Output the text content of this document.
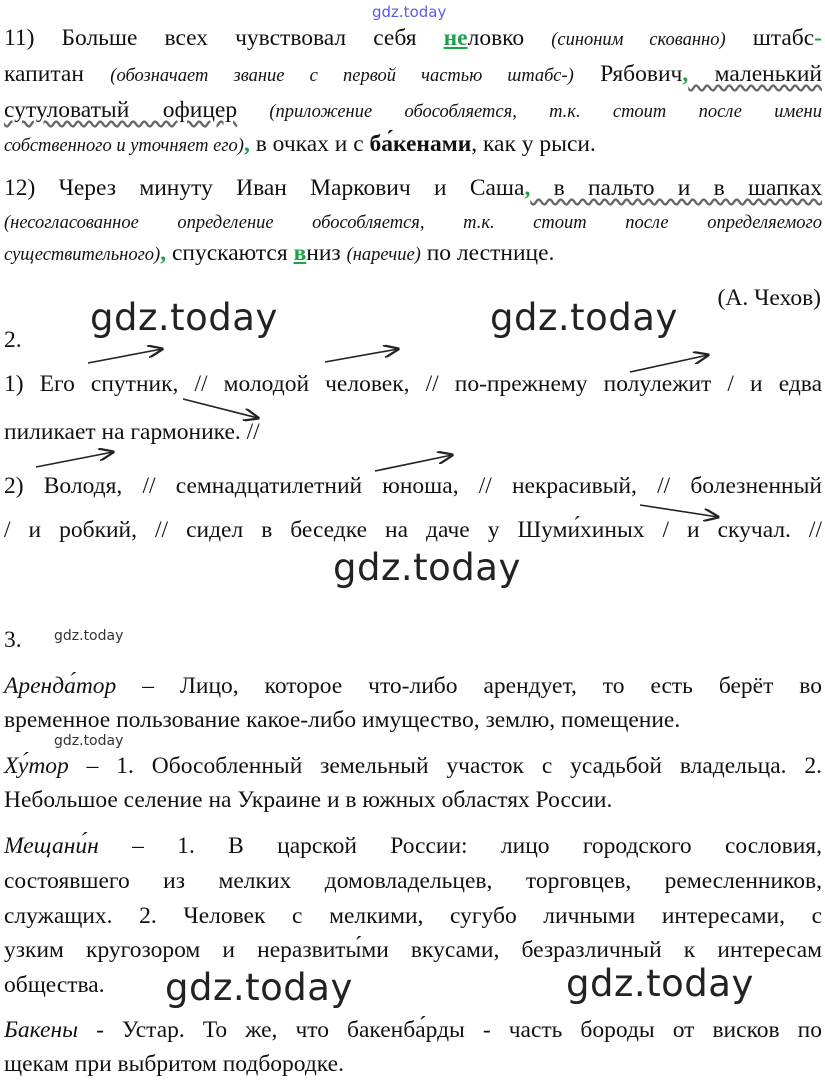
gdz.today
11) Больше всех чувствовал себя неловко (синоним скованно) штабс-
капитан (обозначает звание с первой частью штабс-) Рябович, маленький
сутуловатый офицер (приложение обособляется, т.к. стоит после имени
собственного и уточняет его), в очках и с ба́кенами, как у рыси.
12) Через минуту Иван Маркович и Саша, в пальто и в шапках
(несогласованное определение обособляется, т.к. стоит после определяемого
существительного), спускаются вниз (наречие) по лестнице.
(А. Чехов)
gdz.today	gdz.today
2.
1) Его спутник, // молодой человек, // по-прежнему полулежит / и едва
пиликает на гармонике. //
2) Володя, // семнадцатилетний юноша, // некрасивый, // болезненный
/ и робкий, // сидел в беседке на даче у Шуми́хиных / и скучал. //
gdz.today
3. gdz.today
Аренда́тор – Лицо, которое что-либо арендует, то есть берёт во
временное пользование какое-либо имущество, землю, помещение.
gdz.today
Ху́тор – 1. Обособленный земельный участок с усадьбой владельца. 2.
Небольшое селение на Украине и в южных областях России.
Мещани́н – 1. В царской России: лицо городского сословия,
состоявшего из мелких домовладельцев, торговцев, ремесленников,
служащих. 2. Человек с мелкими, сугубо личными интересами, с
узким кругозором и неразвиты́ми вкусами, безразличный к интересам
общества. gdz.today	gdz.today
Бакены - Устар. То же, что бакенба́рды - часть бороды от висков по
щекам при выбритом подбородке.
